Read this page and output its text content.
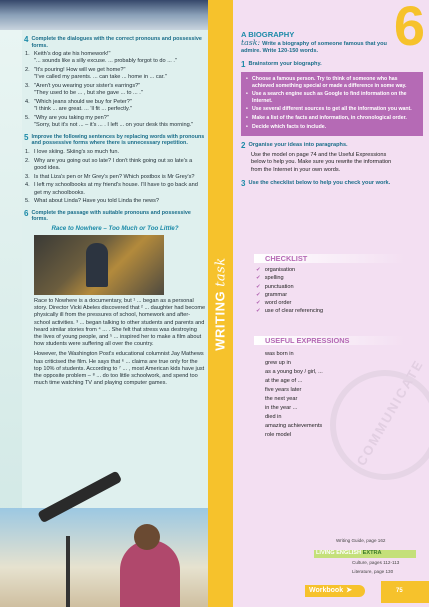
4 Complete the dialogues with the correct pronouns and possessive forms.
1. Keith's dog ate his homework!"
"... sounds like a silly excuse. ... probably forgot to do ... ."
2. "It's pouring! How will we get home?"
"I've called my parents. ... can take ... home in ... car."
3. "Aren't you wearing your sister's earrings?"
"They used to be ... , but she gave ... to ... ."
4. "Which jeans should we buy for Peter?"
"I think ... are great. ... 'll fit ... perfectly."
5. "Why are you taking my pen?"
"Sorry, but it's not ... – it's ... . I left ... on your desk this morning."
5 Improve the following sentences by replacing words with pronouns and possessive forms where there is unnecessary repetition.
1. I love skiing. Skiing's so much fun.
2. Why are you going out so late? I don't think going out so late's a good idea.
3. Is that Liza's pen or Mr Grey's pen? Which postbox is Mr Grey's?
4. I left my schoolbooks at my friend's house. I'll have to go back and get my schoolbooks.
5. What about Linda? Have you told Linda the news?
6 Complete the passage with suitable pronouns and possessive forms.
Race to Nowhere – Too Much or Too Little?

Race to Nowhere is a documentary, but ¹ ... began as a personal story. Director Vicki Abeles discovered that ² ... daughter had become physically ill from the pressures of school, homework and after-school activities. ³ ... began talking to other students and parents and heard similar stories from ⁴ ... . She felt that stress was destroying the lives of young people, and ⁵ ... inspired her to make a film about how students were suffering all over the country.

However, the Washington Post's educational columnist Jay Mathews has criticised the film. He says that ⁶ ... claims are true only for the top 10% of students. According to ⁷ ... , most American kids have just the opposite problem – ⁸ ... do too little schoolwork, and spend too much time watching TV and playing computer games.

WRITING task
6
A BIOGRAPHY
task: Write a biography of someone famous that you admire. Write 120-150 words.
1 Brainstorm your biography.
• Choose a famous person. Try to think of someone who has achieved something special or made a difference in some way.
• Use a search engine such as Google to find information on the Internet.
• Use several different sources to get all the information you want.
• Make a list of the facts and information, in chronological order.
• Decide which facts to include.
2 Organise your ideas into paragraphs.
Use the model on page 74 and the Useful Expressions below to help you. Make sure you rewrite the information from the Internet in your own words.
3 Use the checklist below to help you check your work.
COMMUNICATE
CHECKLIST
✔ organisation
✔ spelling
✔ punctuation
✔ grammar
✔ word order
✔ use of clear referencing
USEFUL EXPRESSIONS
was born in
grew up in
as a young boy / girl, ...
at the age of ...
five years later
the next year
in the year ...
died in
amazing achievements
role model
Writing Guide, page 162
LIVING ENGLISH EXTRA
Culture, pages 112-113
Literature, page 130
Workbook ➤	75
